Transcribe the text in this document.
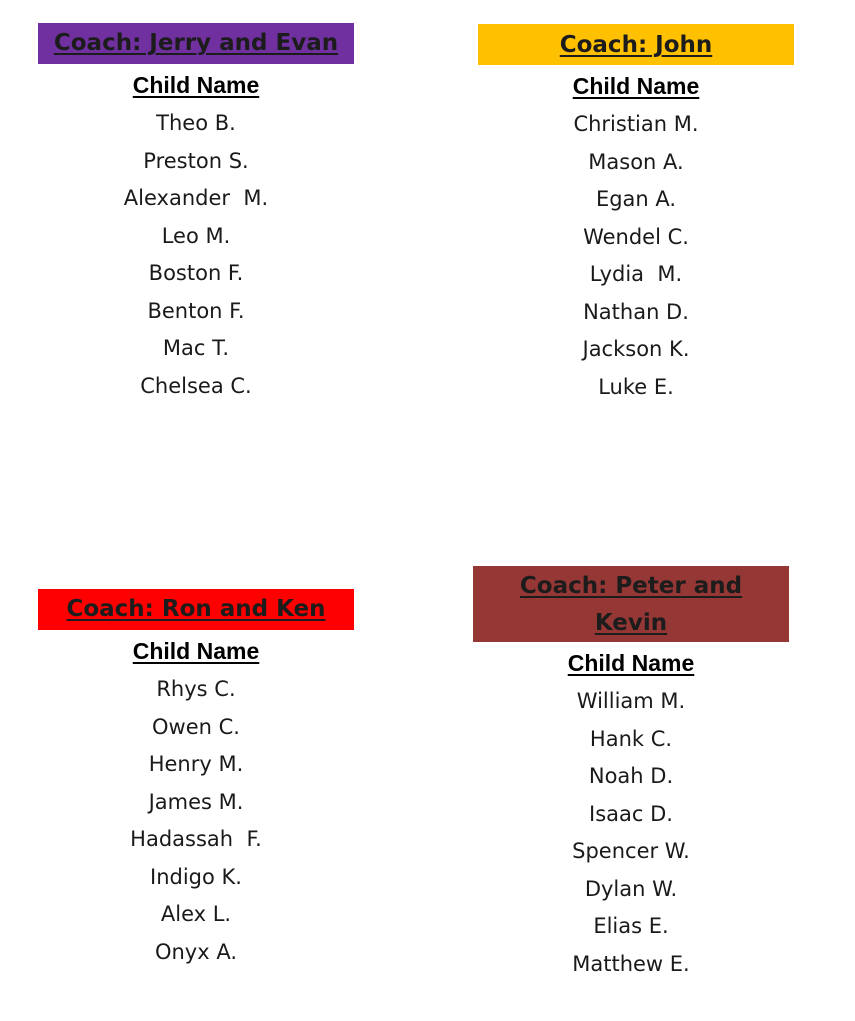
Coach: Jerry and Evan
Child Name
Theo B.
Preston S.
Alexander  M.
Leo M.
Boston F.
Benton F.
Mac T.
Chelsea C.
Coach: John
Child Name
Christian M.
Mason A.
Egan A.
Wendel C.
Lydia  M.
Nathan D.
Jackson K.
Luke E.
Coach: Ron and Ken
Child Name
Rhys C.
Owen C.
Henry M.
James M.
Hadassah  F.
Indigo K.
Alex L.
Onyx A.
Coach: Peter and Kevin
Child Name
William M.
Hank C.
Noah D.
Isaac D.
Spencer W.
Dylan W.
Elias E.
Matthew E.
